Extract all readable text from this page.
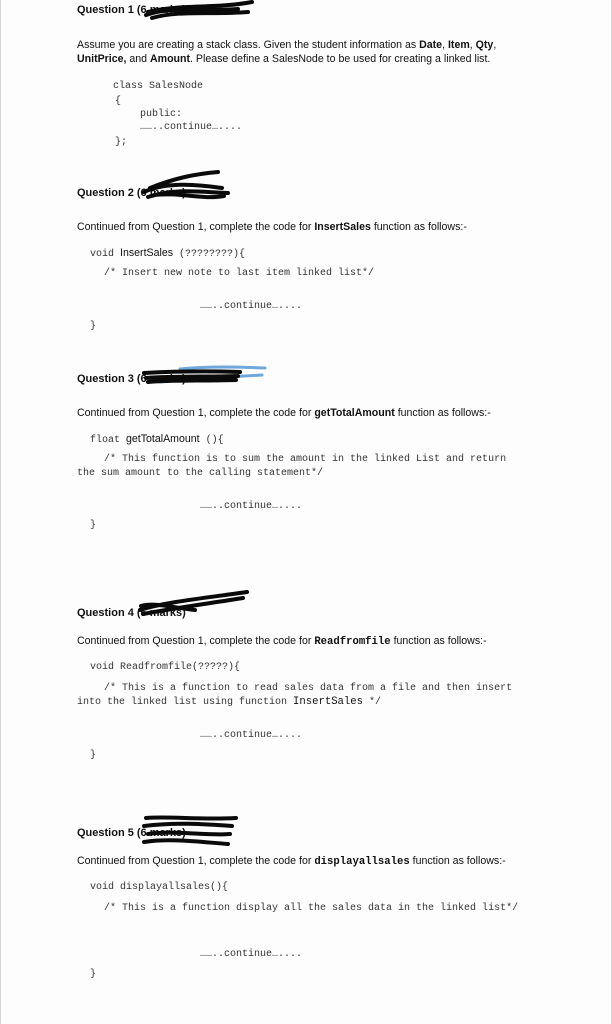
Question 1 (6 marks)
Assume you are creating a stack class. Given the student information as Date, Item, Qty,
UnitPrice, and Amount. Please define a SalesNode to be used for creating a linked list.
class SalesNode
{
public:
……..continue…....
};
Question 2 (6 marks)
Continued from Question 1, complete the code for InsertSales function as follows:-
void InsertSales (????????){
/* Insert new note to last item linked list*/
……..continue…....
}
Question 3 (6 marks)
Continued from Question 1, complete the code for getTotalAmount function as follows:-
float getTotalAmount (){
/* This function is to sum the amount in the linked List and return the sum amount to the calling statement*/
……..continue…....
}
Question 4 (6 marks)
Continued from Question 1, complete the code for Readfromfile function as follows:-
void Readfromfile(?????){
/* This is a function to read sales data from a file and then insert into the linked list using function InsertSales */
……..continue…....
}
Question 5 (6 marks)
Continued from Question 1, complete the code for displayallsales function as follows:-
void displayallsales(){
/* This is a function display all the sales data in the linked list*/
……..continue…....
}
